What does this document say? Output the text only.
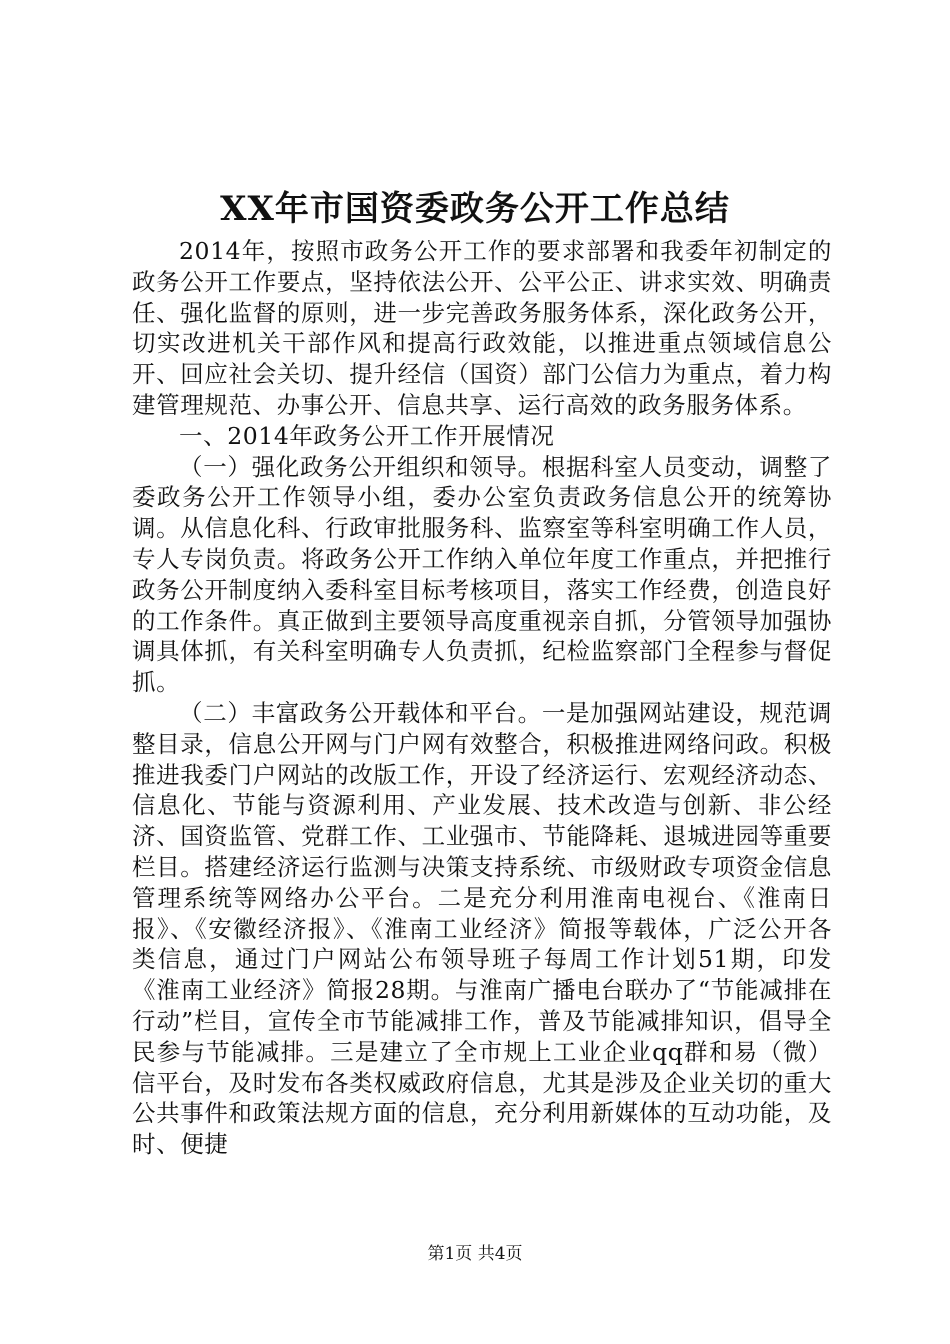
XX年市国资委政务公开工作总结

2014年，按照市政务公开工作的要求部署和我委年初制定的政务公开工作要点，坚持依法公开、公平公正、讲求实效、明确责任、强化监督的原则，进一步完善政务服务体系，深化政务公开，切实改进机关干部作风和提高行政效能，以推进重点领域信息公开、回应社会关切、提升经信（国资）部门公信力为重点，着力构建管理规范、办事公开、信息共享、运行高效的政务服务体系。

一、2014年政务公开工作开展情况

（一）强化政务公开组织和领导。根据科室人员变动，调整了委政务公开工作领导小组，委办公室负责政务信息公开的统筹协调。从信息化科、行政审批服务科、监察室等科室明确工作人员，专人专岗负责。将政务公开工作纳入单位年度工作重点，并把推行政务公开制度纳入委科室目标考核项目，落实工作经费，创造良好的工作条件。真正做到主要领导高度重视亲自抓，分管领导加强协调具体抓，有关科室明确专人负责抓，纪检监察部门全程参与督促抓。

（二）丰富政务公开载体和平台。一是加强网站建设，规范调整目录，信息公开网与门户网有效整合，积极推进网络问政。积极推进我委门户网站的改版工作，开设了经济运行、宏观经济动态、信息化、节能与资源利用、产业发展、技术改造与创新、非公经济、国资监管、党群工作、工业强市、节能降耗、退城进园等重要栏目。搭建经济运行监测与决策支持系统、市级财政专项资金信息管理系统等网络办公平台。二是充分利用淮南电视台、《淮南日报》、《安徽经济报》、《淮南工业经济》简报等载体，广泛公开各类信息，通过门户网站公布领导班子每周工作计划51期，印发《淮南工业经济》简报28期。与淮南广播电台联办了“节能减排在行动”栏目，宣传全市节能减排工作，普及节能减排知识，倡导全民参与节能减排。三是建立了全市规上工业企业qq群和易（微）信平台，及时发布各类权威政府信息，尤其是涉及企业关切的重大公共事件和政策法规方面的信息，充分利用新媒体的互动功能，及时、便捷

第1页 共4页
